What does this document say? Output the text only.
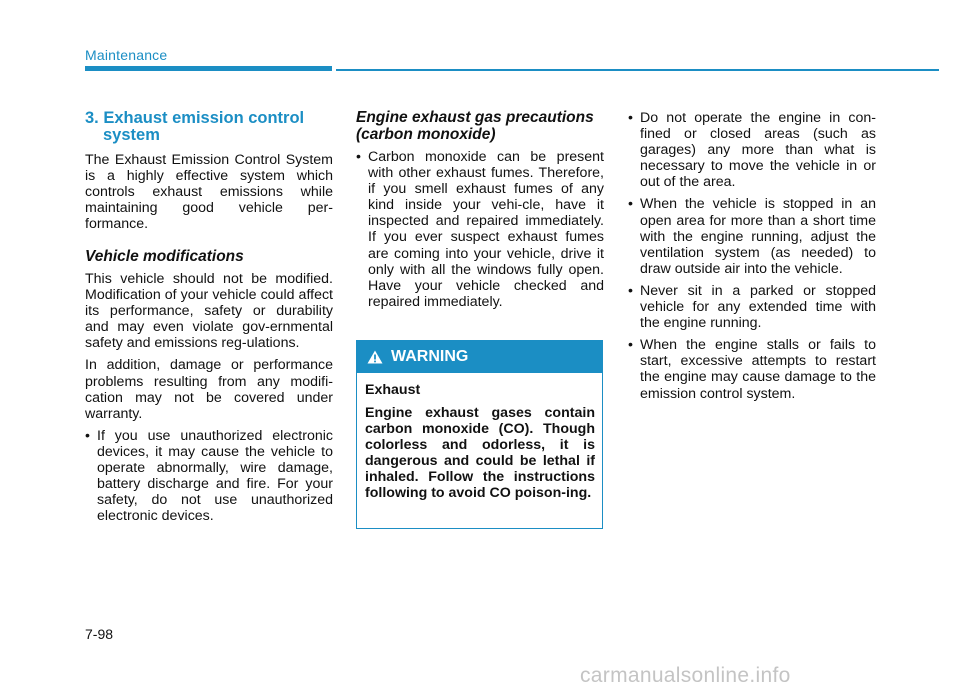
Maintenance
3. Exhaust emission control system

The Exhaust Emission Control System is a highly effective system which controls exhaust emissions while maintaining good vehicle per-formance.

Vehicle modifications

This vehicle should not be modified. Modification of your vehicle could affect its performance, safety or durability and may even violate gov-ernmental safety and emissions reg-ulations.

In addition, damage or performance problems resulting from any modifi-cation may not be covered under warranty.

• If you use unauthorized electronic devices, it may cause the vehicle to operate abnormally, wire damage, battery discharge and fire. For your safety, do not use unauthorized electronic devices.
Engine exhaust gas precautions (carbon monoxide)
• Carbon monoxide can be present with other exhaust fumes. Therefore, if you smell exhaust fumes of any kind inside your vehi-cle, have it inspected and repaired immediately. If you ever suspect exhaust fumes are coming into your vehicle, drive it only with all the windows fully open. Have your vehicle checked and repaired immediately.
WARNING

Exhaust

Engine exhaust gases contain carbon monoxide (CO). Though colorless and odorless, it is dangerous and could be lethal if inhaled. Follow the instructions following to avoid CO poison-ing.

• Do not operate the engine in con-fined or closed areas (such as garages) any more than what is necessary to move the vehicle in or out of the area.
• When the vehicle is stopped in an open area for more than a short time with the engine running, adjust the ventilation system (as needed) to draw outside air into the vehicle.
• Never sit in a parked or stopped vehicle for any extended time with the engine running.
• When the engine stalls or fails to start, excessive attempts to restart the engine may cause damage to the emission control system.
7-98
carmanualsonline.info
